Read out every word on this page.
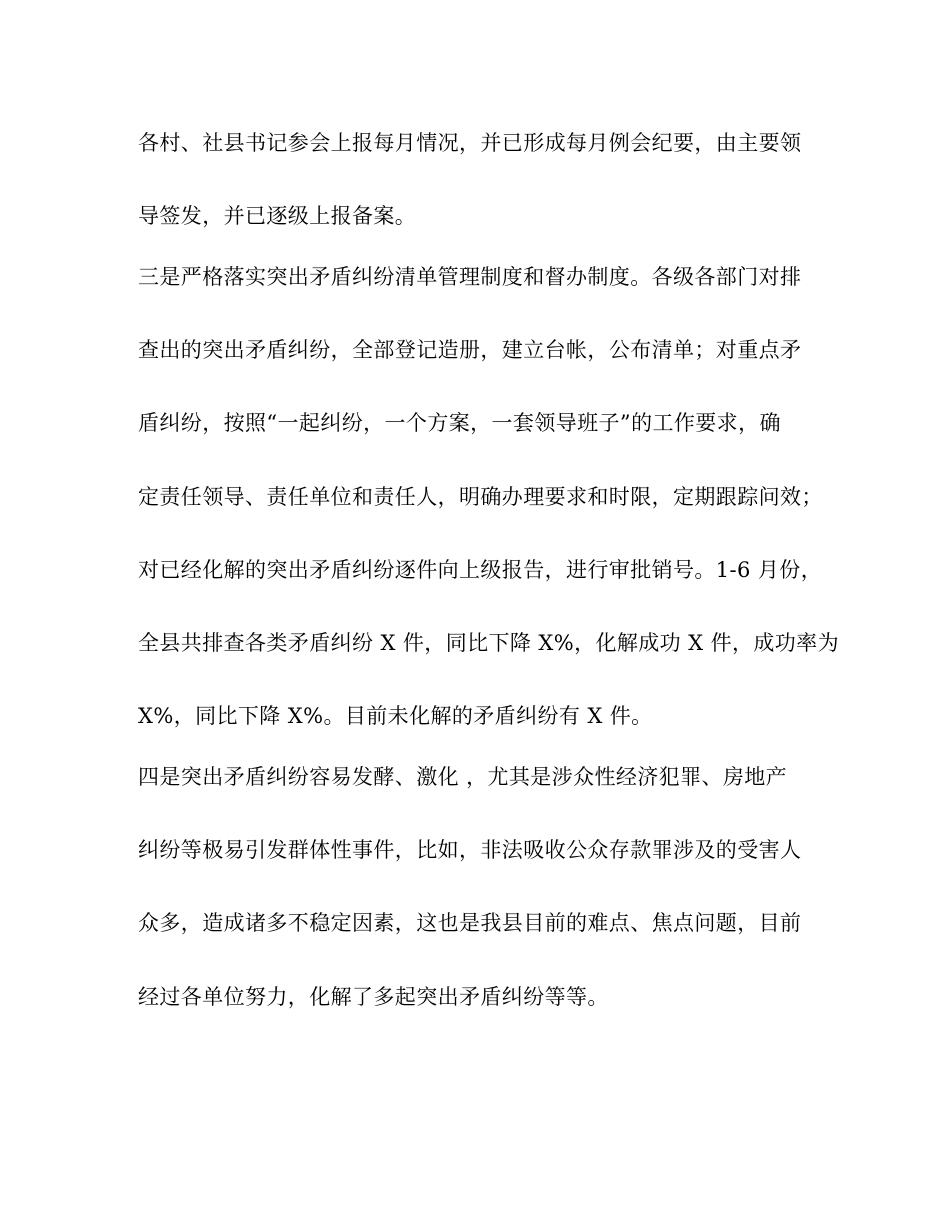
各村、社县书记参会上报每月情况，并已形成每月例会纪要，由主要领
导签发，并已逐级上报备案。
三是严格落实突出矛盾纠纷清单管理制度和督办制度。各级各部门对排
查出的突出矛盾纠纷，全部登记造册，建立台帐，公布清单；对重点矛
盾纠纷，按照“一起纠纷，一个方案，一套领导班子”的工作要求，确
定责任领导、责任单位和责任人，明确办理要求和时限，定期跟踪问效；
对已经化解的突出矛盾纠纷逐件向上级报告，进行审批销号。1-6 月份，
全县共排查各类矛盾纠纷 X 件，同比下降 X%，化解成功 X 件，成功率为
X%，同比下降 X%。目前未化解的矛盾纠纷有 X 件。
四是突出矛盾纠纷容易发酵、激化 ，尤其是涉众性经济犯罪、房地产
纠纷等极易引发群体性事件，比如，非法吸收公众存款罪涉及的受害人
众多，造成诸多不稳定因素，这也是我县目前的难点、焦点问题，目前
经过各单位努力，化解了多起突出矛盾纠纷等等。
